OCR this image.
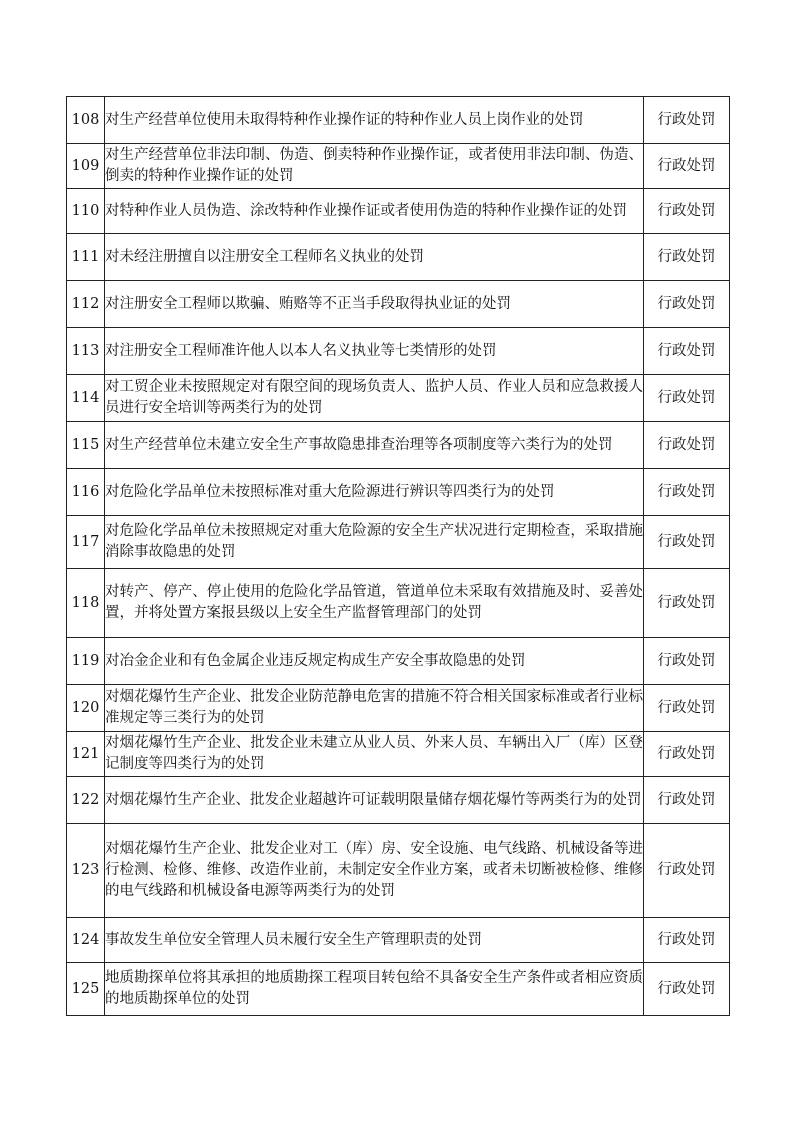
108	对生产经营单位使用未取得特种作业操作证的特种作业人员上岗作业的处罚	行政处罚
109	对生产经营单位非法印制、伪造、倒卖特种作业操作证，或者使用非法印制、伪造、倒卖的特种作业操作证的处罚	行政处罚
110	对特种作业人员伪造、涂改特种作业操作证或者使用伪造的特种作业操作证的处罚	行政处罚
111	对未经注册擅自以注册安全工程师名义执业的处罚	行政处罚
112	对注册安全工程师以欺骗、贿赂等不正当手段取得执业证的处罚	行政处罚
113	对注册安全工程师准许他人以本人名义执业等七类情形的处罚	行政处罚
114	对工贸企业未按照规定对有限空间的现场负责人、监护人员、作业人员和应急救援人员进行安全培训等两类行为的处罚	行政处罚
115	对生产经营单位未建立安全生产事故隐患排查治理等各项制度等六类行为的处罚	行政处罚
116	对危险化学品单位未按照标准对重大危险源进行辨识等四类行为的处罚	行政处罚
117	对危险化学品单位未按照规定对重大危险源的安全生产状况进行定期检查，采取措施消除事故隐患的处罚	行政处罚
118	对转产、停产、停止使用的危险化学品管道，管道单位未采取有效措施及时、妥善处置，并将处置方案报县级以上安全生产监督管理部门的处罚	行政处罚
119	对冶金企业和有色金属企业违反规定构成生产安全事故隐患的处罚	行政处罚
120	对烟花爆竹生产企业、批发企业防范静电危害的措施不符合相关国家标准或者行业标准规定等三类行为的处罚	行政处罚
121	对烟花爆竹生产企业、批发企业未建立从业人员、外来人员、车辆出入厂（库）区登记制度等四类行为的处罚	行政处罚
122	对烟花爆竹生产企业、批发企业超越许可证载明限量储存烟花爆竹等两类行为的处罚	行政处罚
123	对烟花爆竹生产企业、批发企业对工（库）房、安全设施、电气线路、机械设备等进行检测、检修、维修、改造作业前，未制定安全作业方案，或者未切断被检修、维修的电气线路和机械设备电源等两类行为的处罚	行政处罚
124	事故发生单位安全管理人员未履行安全生产管理职责的处罚	行政处罚
125	地质勘探单位将其承担的地质勘探工程项目转包给不具备安全生产条件或者相应资质的地质勘探单位的处罚	行政处罚
